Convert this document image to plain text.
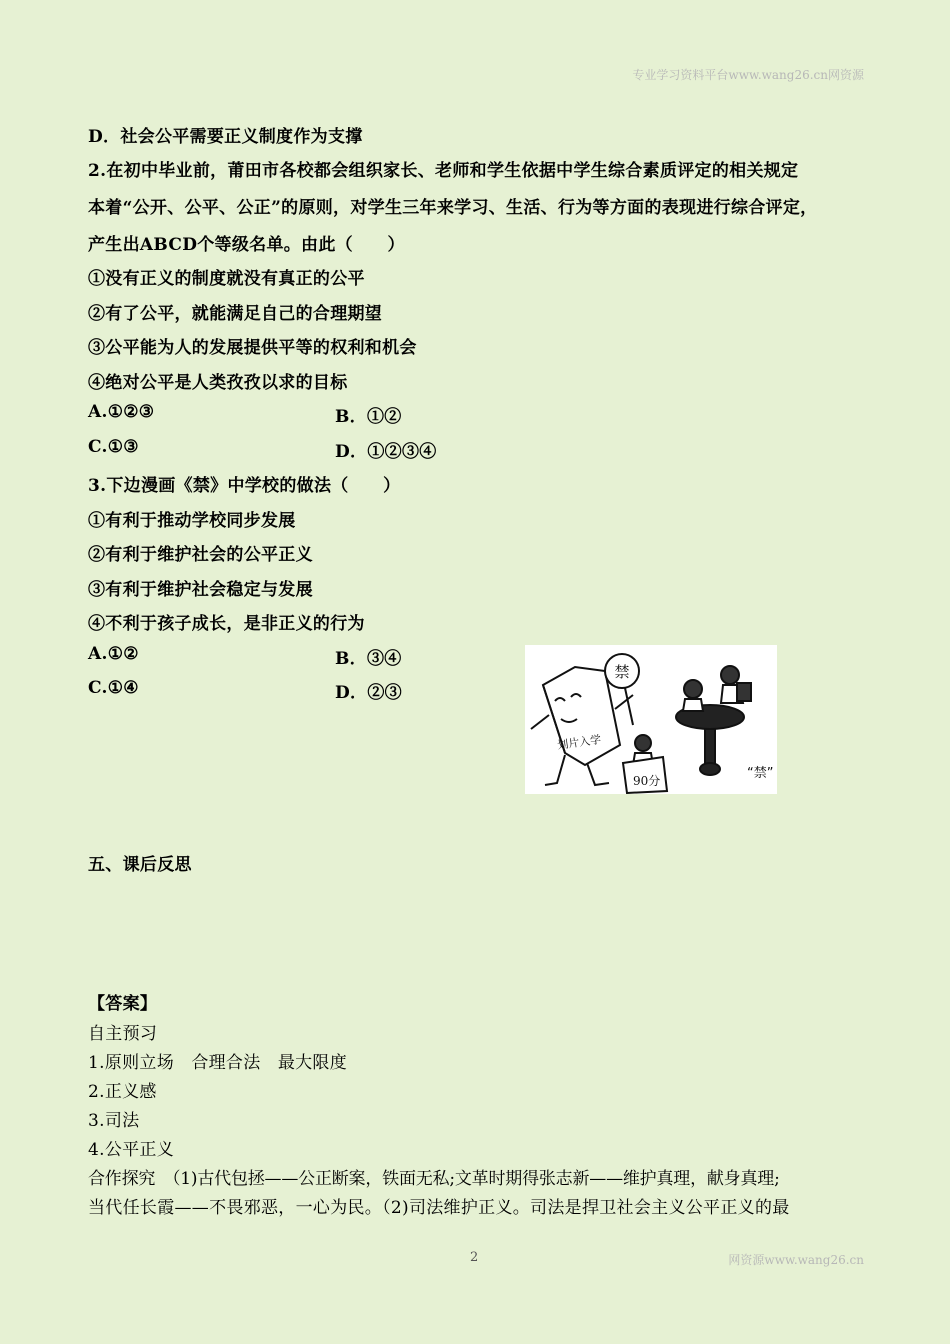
专业学习资料平台www.wang26.cn网资源
D．社会公平需要正义制度作为支撑
2.在初中毕业前，莆田市各校都会组织家长、老师和学生依据中学生综合素质评定的相关规定
本着“公开、公平、公正”的原则，对学生三年来学习、生活、行为等方面的表现进行综合评定，
产生出ABCD个等级名单。由此（　　）
①没有正义的制度就没有真正的公平
②有了公平，就能满足自己的合理期望
③公平能为人的发展提供平等的权利和机会
④绝对公平是人类孜孜以求的目标
A.①②③	B．①②
C.①③	D．①②③④
3.下边漫画《禁》中学校的做法（　　）
①有利于推动学校同步发展
②有利于维护社会的公平正义
③有利于维护社会稳定与发展
④不利于孩子成长，是非正义的行为
A.①②	B．③④
C.①④	D．②③
五、课后反思
【答案】
自主预习
1.原则立场　合理合法　最大限度
2.正义感
3.司法
4.公平正义
合作探究　（1)古代包拯——公正断案，铁面无私;文革时期得张志新——维护真理，献身真理;
当代任长霞——不畏邪恶，一心为民。（2)司法维护正义。司法是捍卫社会主义公平正义的最
禁
划片入学
90分	“禁”
2	网资源www.wang26.cn
